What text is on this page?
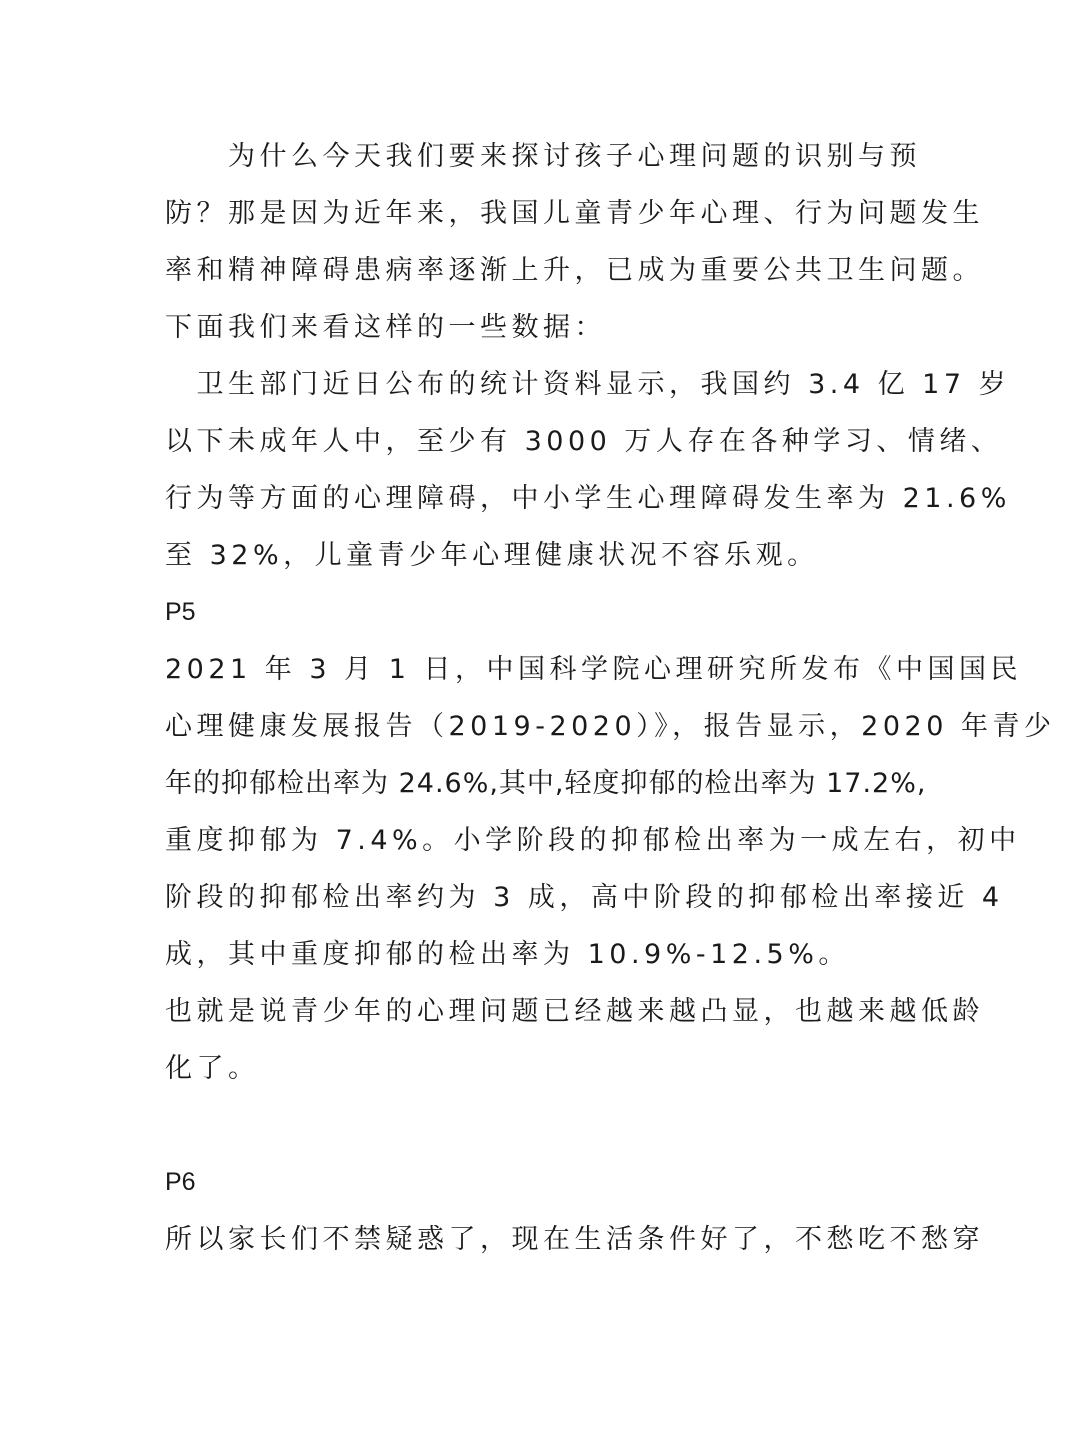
　　为什么今天我们要来探讨孩子心理问题的识别与预
防？那是因为近年来，我国儿童青少年心理、行为问题发生
率和精神障碍患病率逐渐上升，已成为重要公共卫生问题。
下面我们来看这样的一些数据：
　卫生部门近日公布的统计资料显示，我国约 3.4 亿 17 岁
以下未成年人中，至少有 3000 万人存在各种学习、情绪、
行为等方面的心理障碍，中小学生心理障碍发生率为 21.6%
至 32%，儿童青少年心理健康状况不容乐观。
P5
2021 年 3 月 1 日，中国科学院心理研究所发布《中国国民
心理健康发展报告（2019-2020）》，报告显示，2020 年青少
年的抑郁检出率为 24.6%,其中,轻度抑郁的检出率为 17.2%,
重度抑郁为 7.4%。小学阶段的抑郁检出率为一成左右，初中
阶段的抑郁检出率约为 3 成，高中阶段的抑郁检出率接近 4
成，其中重度抑郁的检出率为 10.9%-12.5%。
也就是说青少年的心理问题已经越来越凸显，也越来越低龄
化了。
P6
所以家长们不禁疑惑了，现在生活条件好了，不愁吃不愁穿
